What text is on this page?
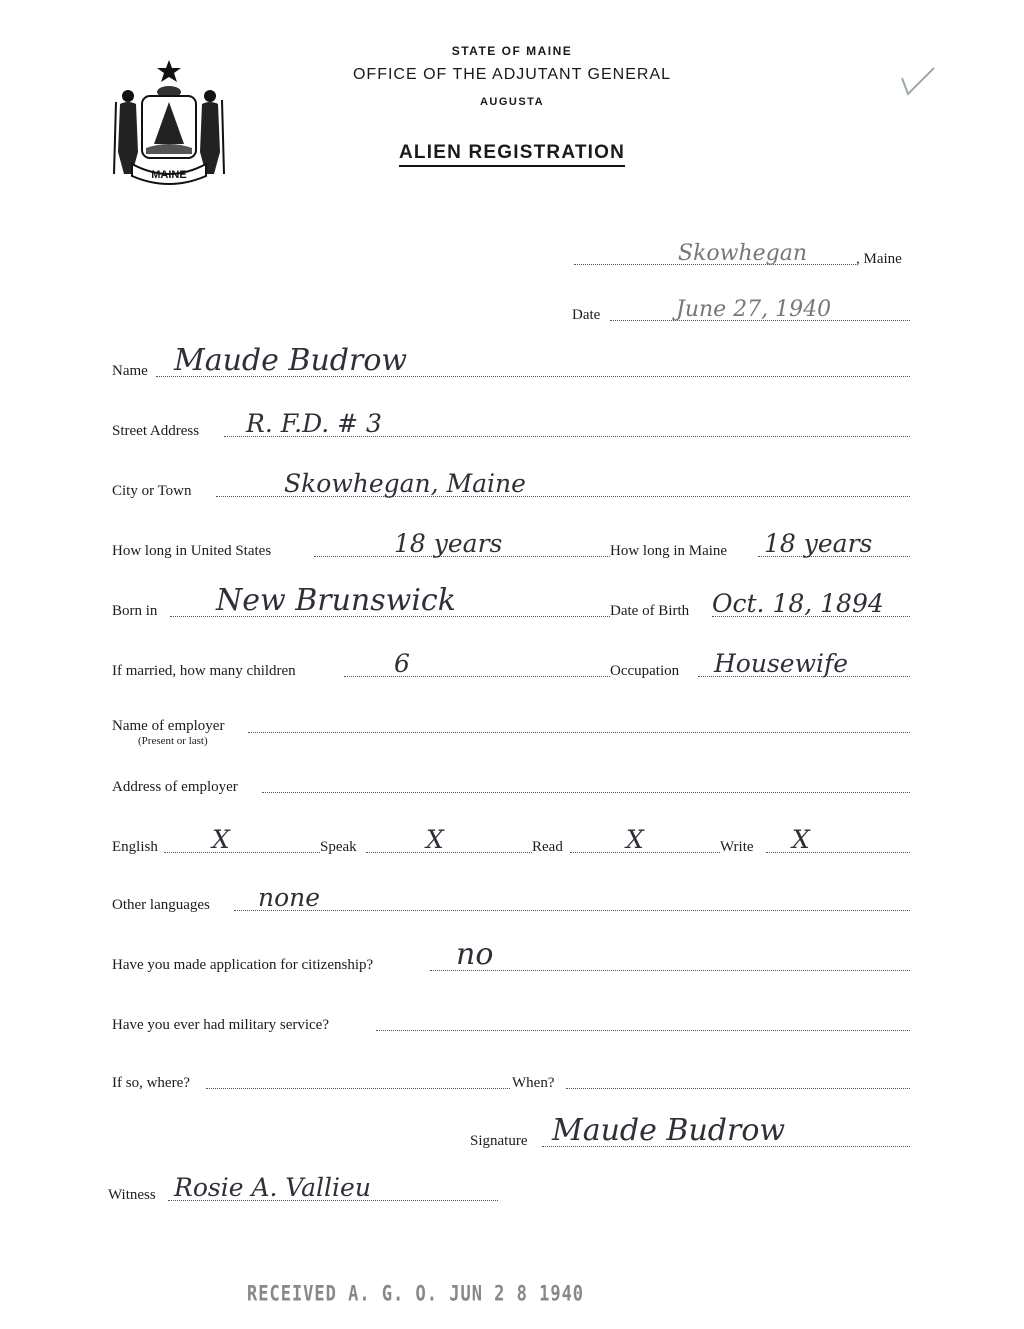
MAINE
STATE OF MAINE
OFFICE OF THE ADJUTANT GENERAL
AUGUSTA
ALIEN REGISTRATION
Skowhegan	, Maine
Date	June 27, 1940
Name Maude Budrow
Street Address R. F.D. # 3
City or Town	Skowhegan, Maine
How long in United States	18 years	How long in Maine 18 years
Born in New Brunswick	Date of Birth Oct. 18, 1894
If married, how many children	6	Occupation Housewife
Name of employer
(Present or last)
Address of employer
English X	Speak	X	Read	X	Write X
Other languages none
Have you made application for citizenship?	no
Have you ever had military service?
If so, where?	When?
Signature Maude Budrow
Witness Rosie A. Vallieu
RECEIVED A. G. O. JUN 2 8 1940
